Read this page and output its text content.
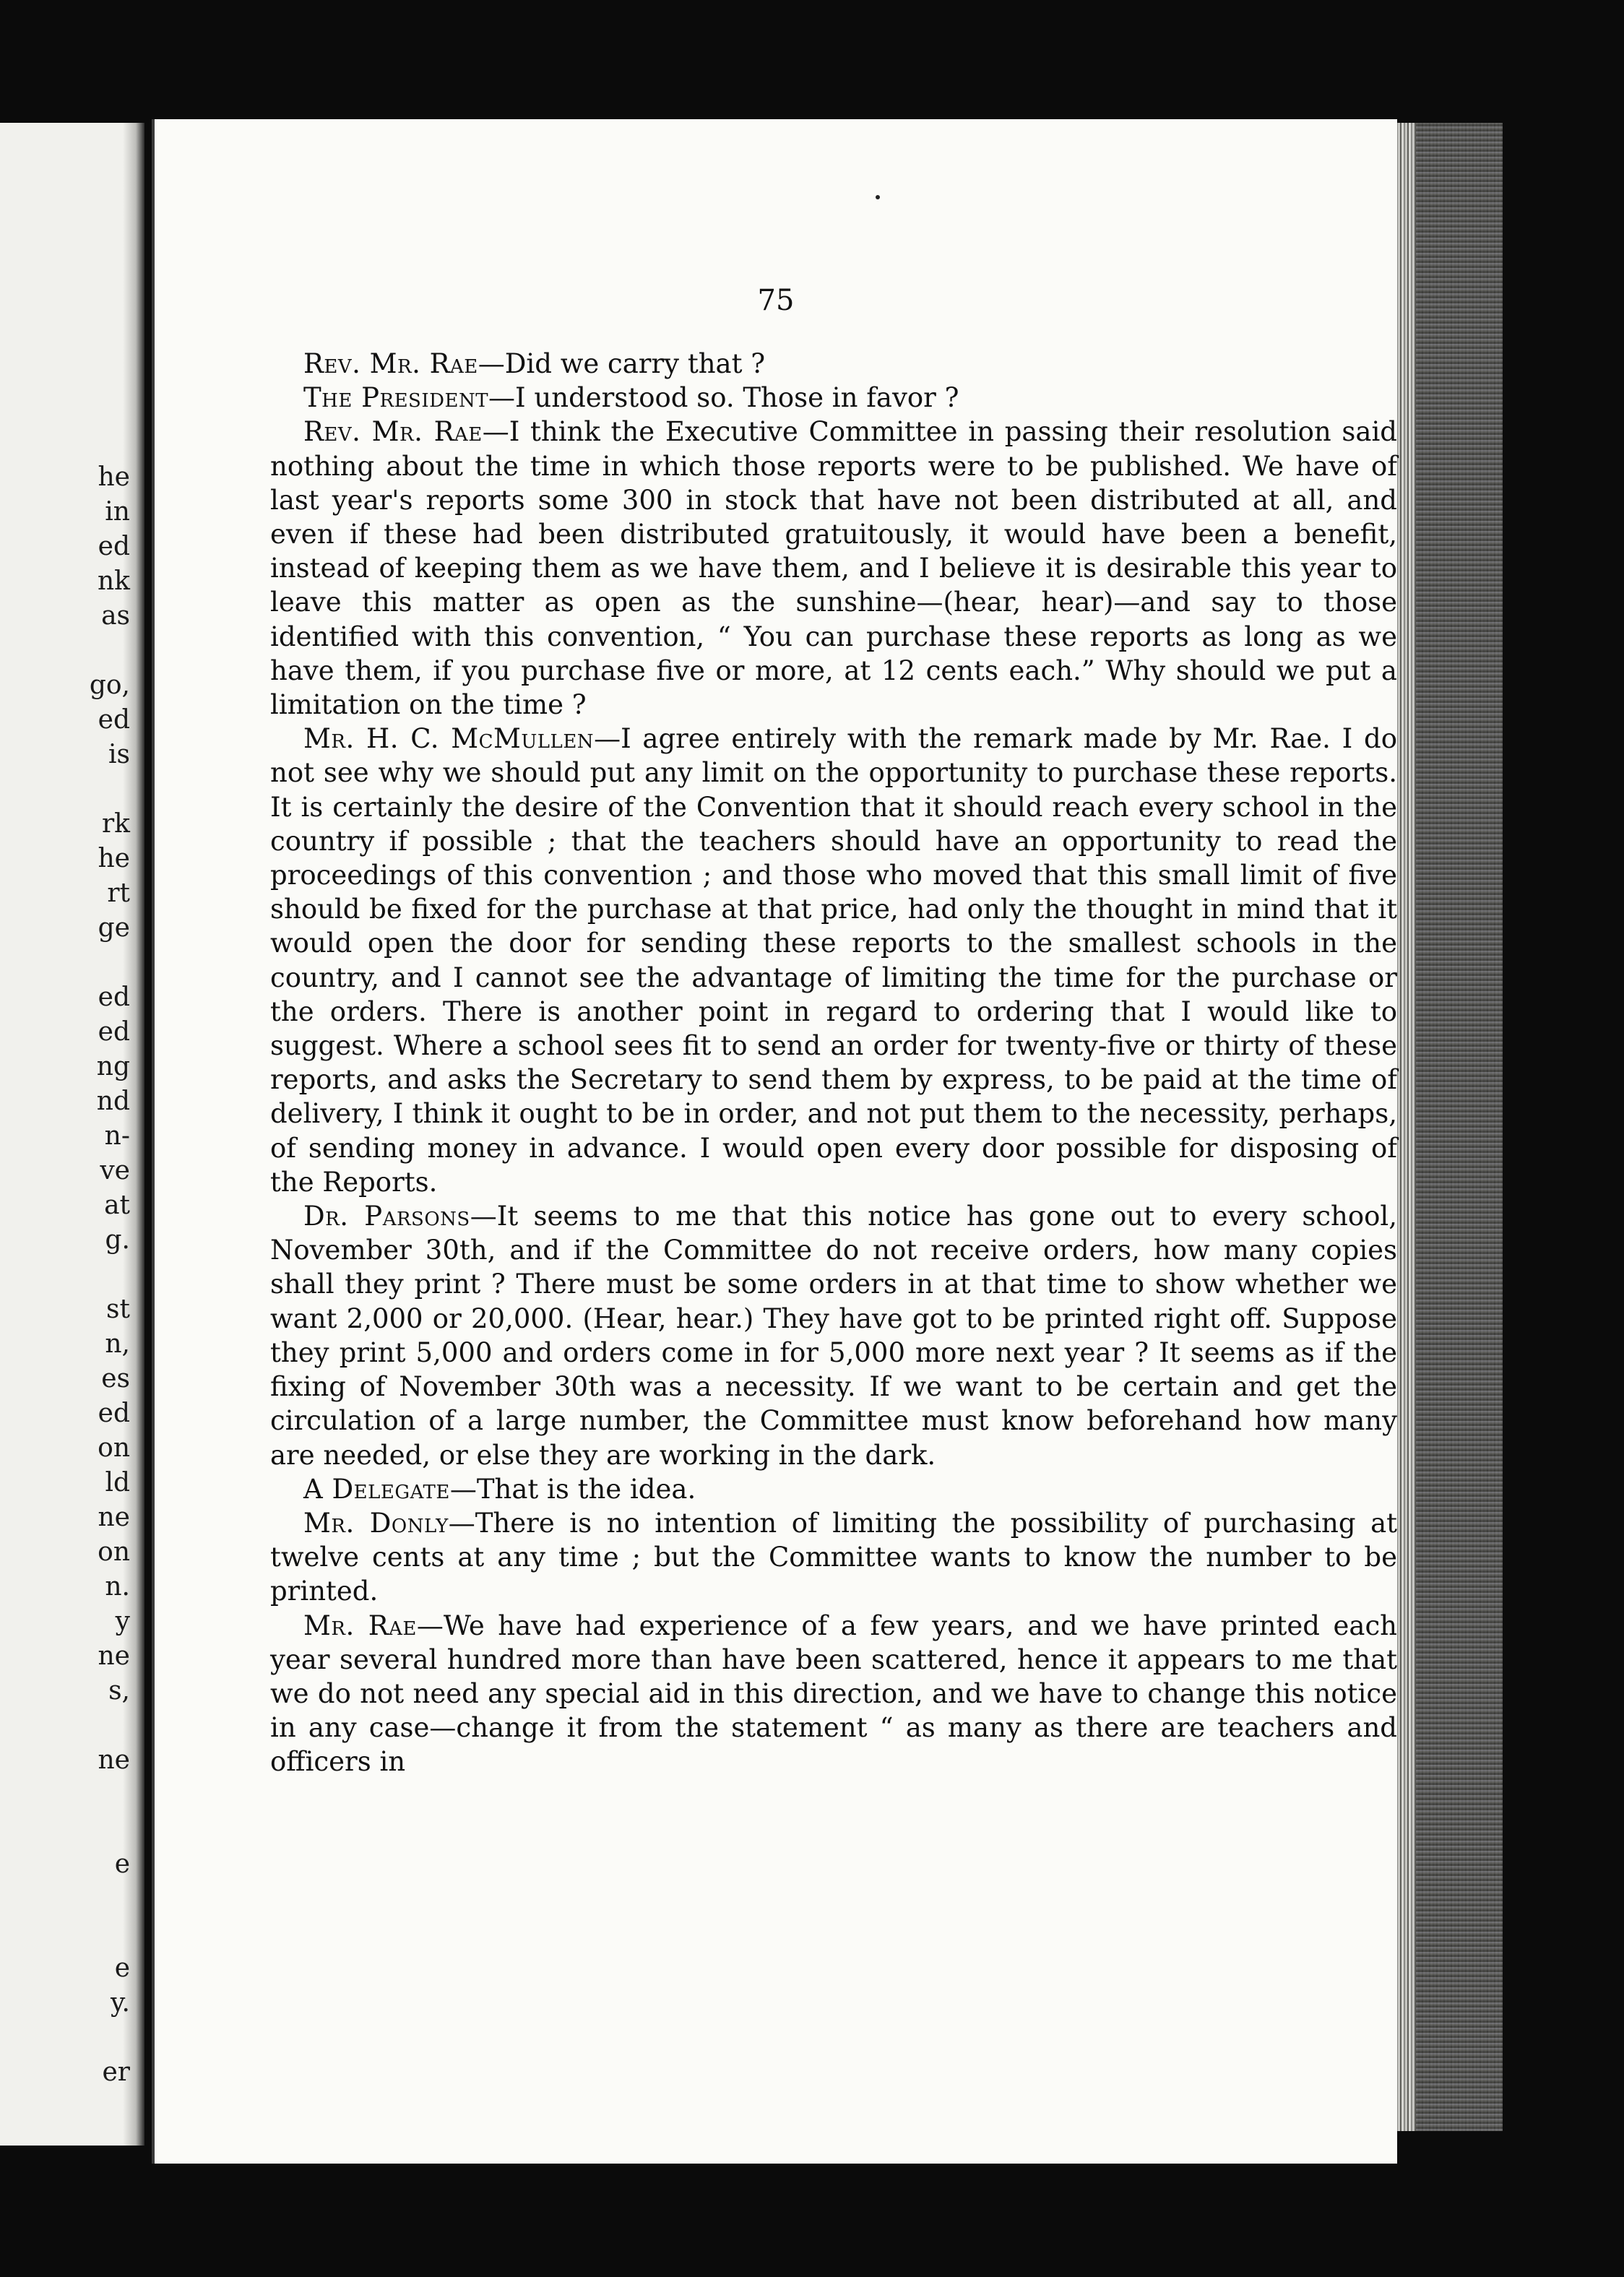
he
in
ed
nk
as
go,
ed
is
rk
he
rt
ge
ed
ed
ng
nd
n-
ve
at
g.
st
n,
es
ed
on
ld
ne
on
n.
y
ne
s,
ne
e
e
y.
er
75

Rev. Mr. Rae—Did we carry that ?

The President—I understood so. Those in favor ?

Rev. Mr. Rae—I think the Executive Committee in passing their resolution said nothing about the time in which those reports were to be published. We have of last year's reports some 300 in stock that have not been distributed at all, and even if these had been distributed gratuitously, it would have been a benefit, instead of keeping them as we have them, and I believe it is desirable this year to leave this matter as open as the sunshine—(hear, hear)—and say to those identified with this convention, “ You can purchase these reports as long as we have them, if you purchase five or more, at 12 cents each.” Why should we put a limitation on the time ?

Mr. H. C. McMullen—I agree entirely with the remark made by Mr. Rae. I do not see why we should put any limit on the opportunity to purchase these reports. It is certainly the desire of the Convention that it should reach every school in the country if possible ; that the teachers should have an opportunity to read the proceedings of this convention ; and those who moved that this small limit of five should be fixed for the purchase at that price, had only the thought in mind that it would open the door for sending these reports to the smallest schools in the country, and I cannot see the advantage of limiting the time for the purchase or the orders. There is another point in regard to ordering that I would like to suggest. Where a school sees fit to send an order for twenty-five or thirty of these reports, and asks the Secretary to send them by express, to be paid at the time of delivery, I think it ought to be in order, and not put them to the necessity, perhaps, of sending money in advance. I would open every door possible for disposing of the Reports.

Dr. Parsons—It seems to me that this notice has gone out to every school, November 30th, and if the Committee do not receive orders, how many copies shall they print ? There must be some orders in at that time to show whether we want 2,000 or 20,000. (Hear, hear.) They have got to be printed right off. Suppose they print 5,000 and orders come in for 5,000 more next year ? It seems as if the fixing of November 30th was a necessity. If we want to be certain and get the circulation of a large number, the Committee must know beforehand how many are needed, or else they are working in the dark.

A Delegate—That is the idea.

Mr. Donly—There is no intention of limiting the possibility of purchasing at twelve cents at any time ; but the Committee wants to know the number to be printed.

Mr. Rae—We have had experience of a few years, and we have printed each year several hundred more than have been scattered, hence it appears to me that we do not need any special aid in this direction, and we have to change this notice in any case—change it from the statement “ as many as there are teachers and officers in
